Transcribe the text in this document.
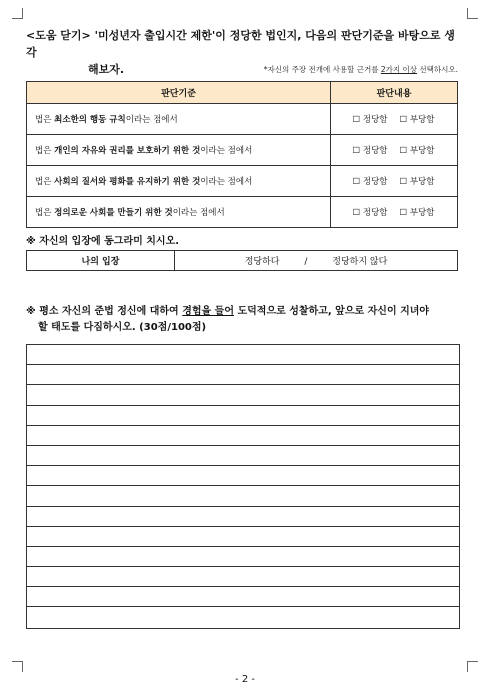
<도움 닫기> '미성년자 출입시간 제한'이 정당한 법인지, 다음의 판단기준을 바탕으로 생각
해보자.	*자신의 주장 전개에 사용할 근거를 2가지 이상 선택하시오.
판단기준	판단내용
법은 최소한의 행동 규칙이라는 점에서	☐ 정당함 ☐ 부당함
법은 개인의 자유와 권리를 보호하기 위한 것이라는 점에서	☐ 정당함 ☐ 부당함
법은 사회의 질서와 평화를 유지하기 위한 것이라는 점에서	☐ 정당함 ☐ 부당함
법은 정의로운 사회를 만들기 위한 것이라는 점에서	☐ 정당함 ☐ 부당함
※ 자신의 입장에 동그라미 치시오.
나의 입장	정당하다	/	정당하지 않다
※ 평소 자신의 준법 정신에 대하여 경험을 들어 도덕적으로 성찰하고, 앞으로 자신이 지녀야
할 태도를 다짐하시오. (30점/100점)
- 2 -
